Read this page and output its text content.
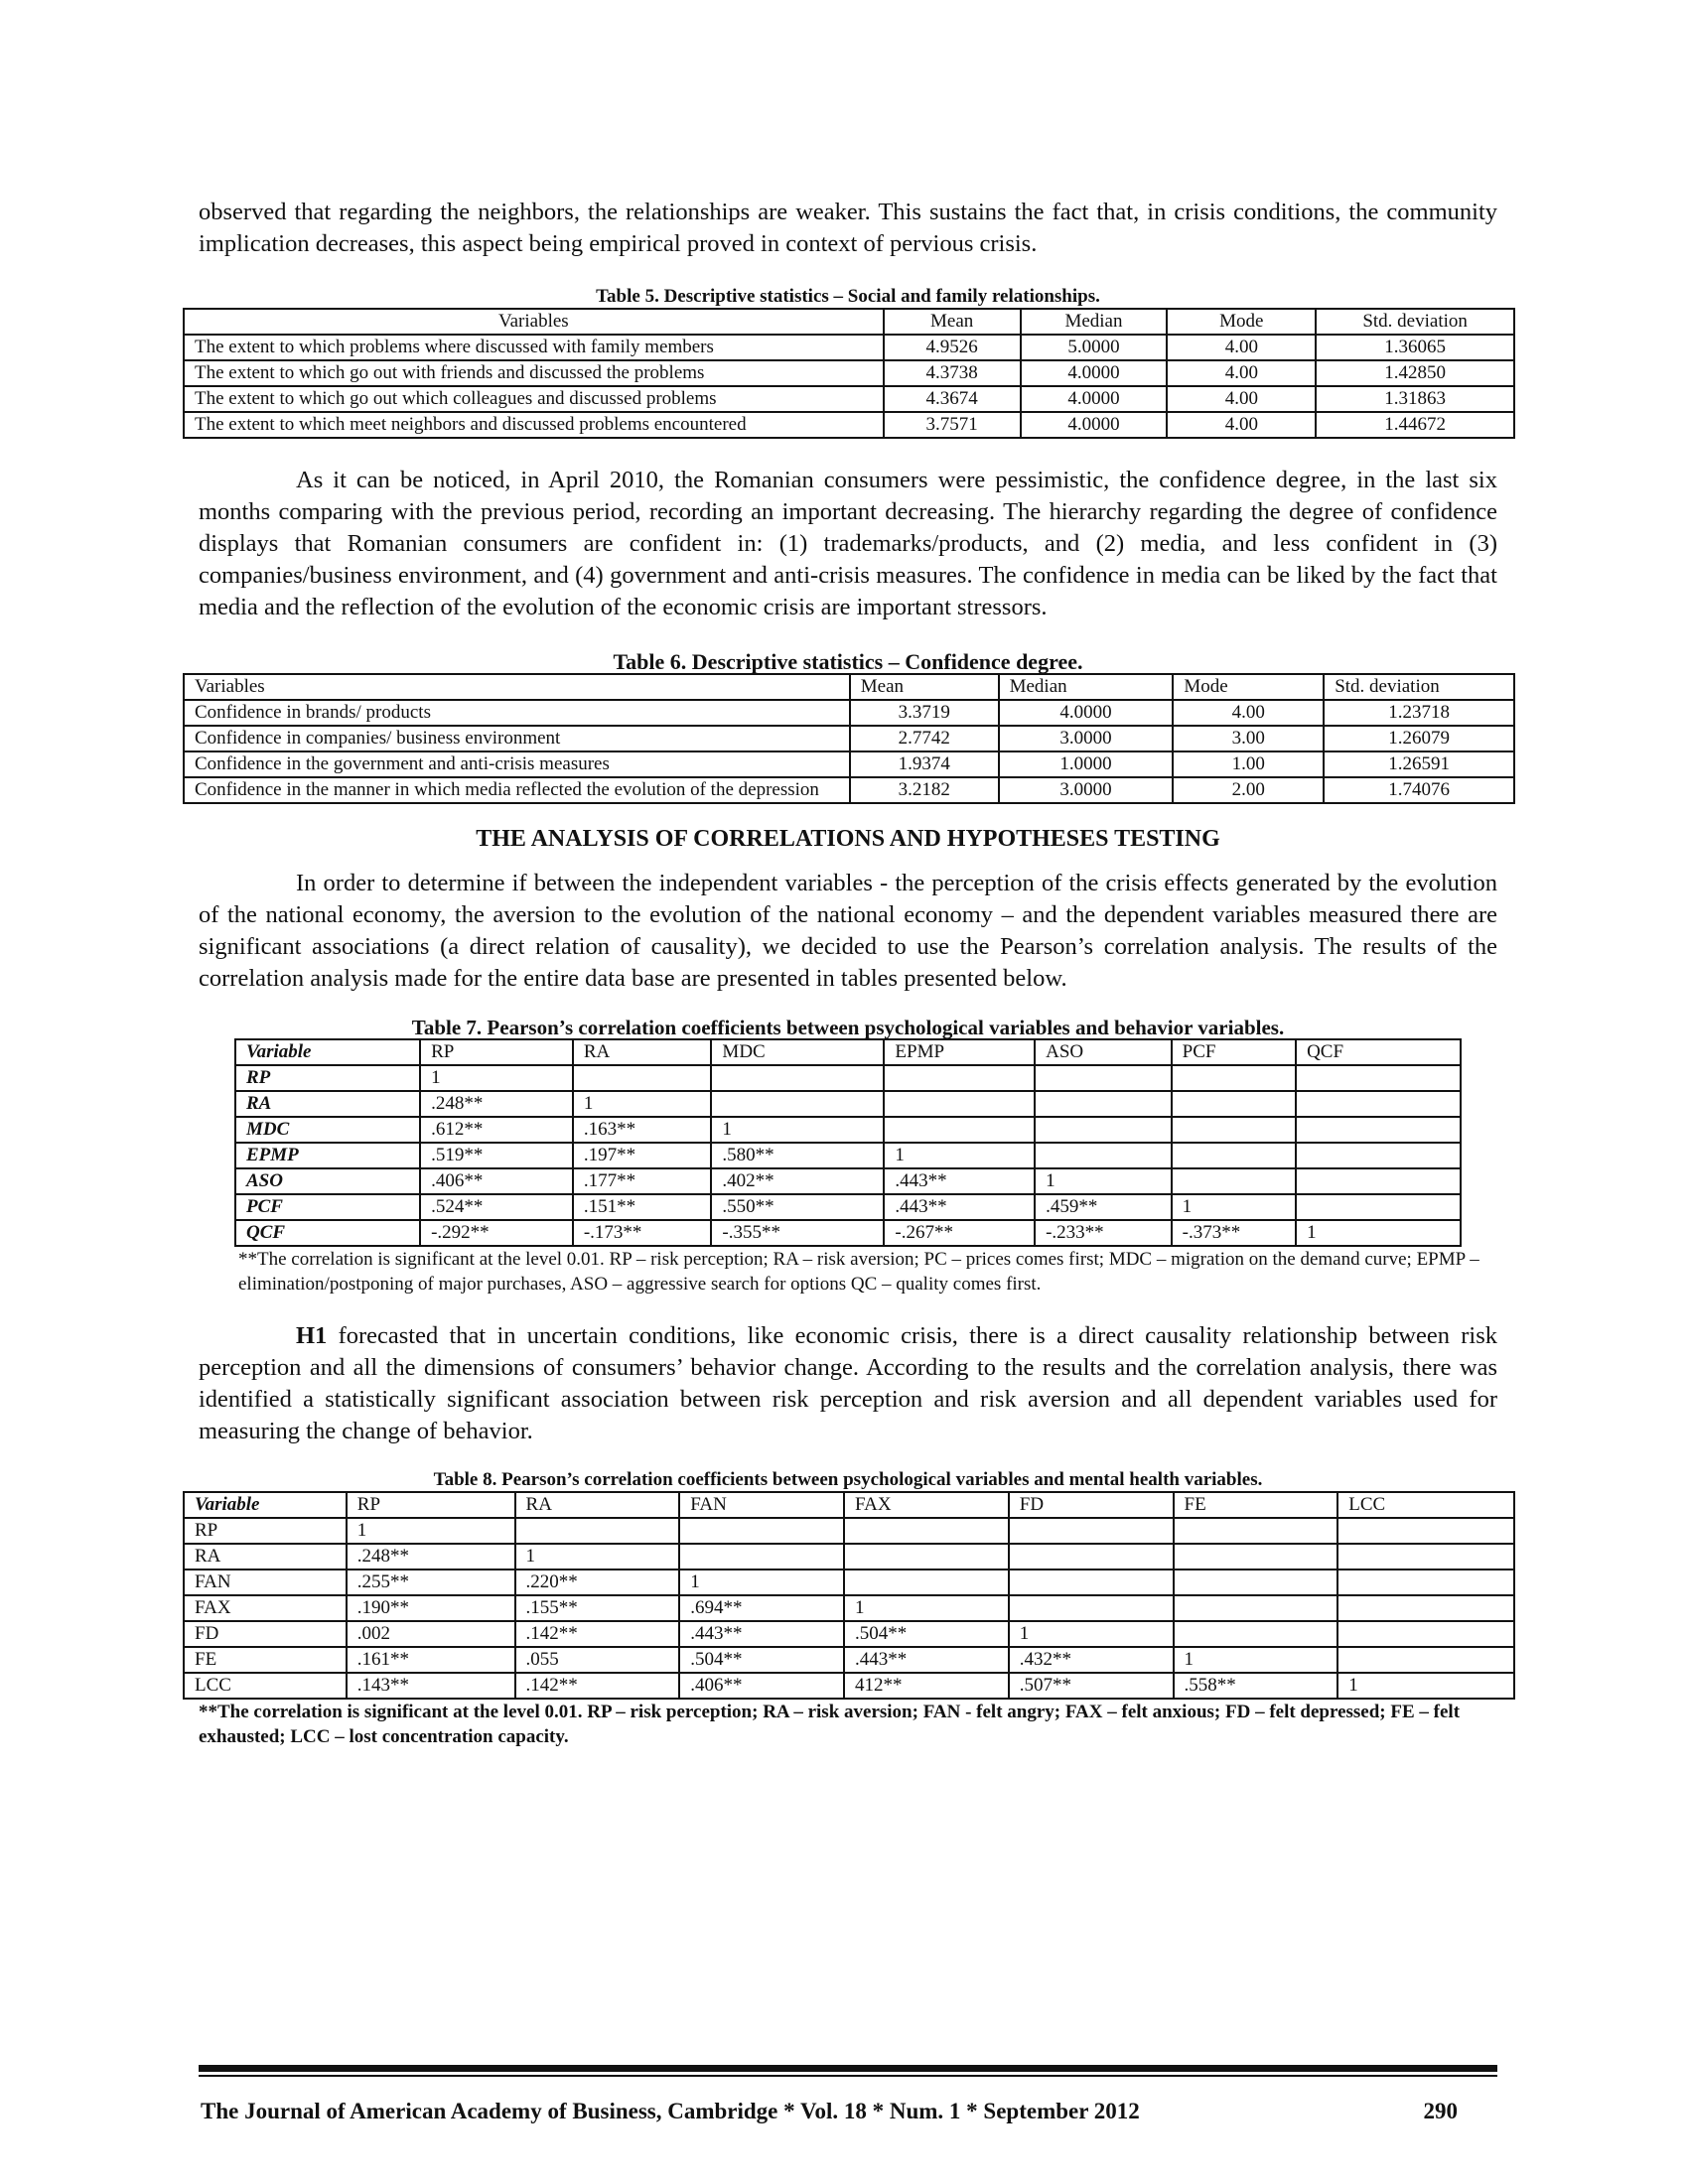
observed that regarding the neighbors, the relationships are weaker. This sustains the fact that, in crisis conditions, the community implication decreases, this aspect being empirical proved in context of pervious crisis.

Table 5. Descriptive statistics – Social and family relationships.
Variables	Mean	Median	Mode	Std. deviation
The extent to which problems where discussed with family members	4.9526	5.0000	4.00	1.36065
The extent to which go out with friends and discussed the problems	4.3738	4.0000	4.00	1.42850
The extent to which go out which colleagues and discussed problems	4.3674	4.0000	4.00	1.31863
The extent to which meet neighbors and discussed problems encountered	3.7571	4.0000	4.00	1.44672

As it can be noticed, in April 2010, the Romanian consumers were pessimistic, the confidence degree, in the last six months comparing with the previous period, recording an important decreasing. The hierarchy regarding the degree of confidence displays that Romanian consumers are confident in: (1) trademarks/products, and (2) media, and less confident in (3) companies/business environment, and (4) government and anti-crisis measures. The confidence in media can be liked by the fact that media and the reflection of the evolution of the economic crisis are important stressors.

Table 6. Descriptive statistics – Confidence degree.
Variables	Mean	Median	Mode	Std. deviation
Confidence in brands/ products	3.3719	4.0000	4.00	1.23718
Confidence in companies/ business environment	2.7742	3.0000	3.00	1.26079
Confidence in the government and anti-crisis measures	1.9374	1.0000	1.00	1.26591
Confidence in the manner in which media reflected the evolution of the depression	3.2182	3.0000	2.00	1.74076
THE ANALYSIS OF CORRELATIONS AND HYPOTHESES TESTING

In order to determine if between the independent variables - the perception of the crisis effects generated by the evolution of the national economy, the aversion to the evolution of the national economy – and the dependent variables measured there are significant associations (a direct relation of causality), we decided to use the Pearson’s correlation analysis. The results of the correlation analysis made for the entire data base are presented in tables presented below.

Table 7. Pearson’s correlation coefficients between psychological variables and behavior variables.
Variable	RP	RA	MDC	EPMP	ASO	PCF	QCF
RP	1						
RA	.248**	1					
MDC	.612**	.163**	1				
EPMP	.519**	.197**	.580**	1			
ASO	.406**	.177**	.402**	.443**	1		
PCF	.524**	.151**	.550**	.443**	.459**	1	
QCF	-.292**	-.173**	-.355**	-.267**	-.233**	-.373**	1
**The correlation is significant at the level 0.01. RP – risk perception; RA – risk aversion; PC – prices comes first; MDC – migration on the demand curve; EPMP –elimination/postponing of major purchases, ASO – aggressive search for options QC – quality comes first.

H1 forecasted that in uncertain conditions, like economic crisis, there is a direct causality relationship between risk perception and all the dimensions of consumers’ behavior change. According to the results and the correlation analysis, there was identified a statistically significant association between risk perception and risk aversion and all dependent variables used for measuring the change of behavior.

Table 8. Pearson’s correlation coefficients between psychological variables and mental health variables.
Variable	RP	RA	FAN	FAX	FD	FE	LCC
RP	1						
RA	.248**	1					
FAN	.255**	.220**	1				
FAX	.190**	.155**	.694**	1			
FD	.002	.142**	.443**	.504**	1		
FE	.161**	.055	.504**	.443**	.432**	1	
LCC	.143**	.142**	.406**	412**	.507**	.558**	1
**The correlation is significant at the level 0.01. RP – risk perception; RA – risk aversion; FAN - felt angry; FAX – felt anxious; FD – felt depressed; FE – felt exhausted; LCC – lost concentration capacity.
The Journal of American Academy of Business, Cambridge * Vol. 18 * Num. 1 * September 2012	290
